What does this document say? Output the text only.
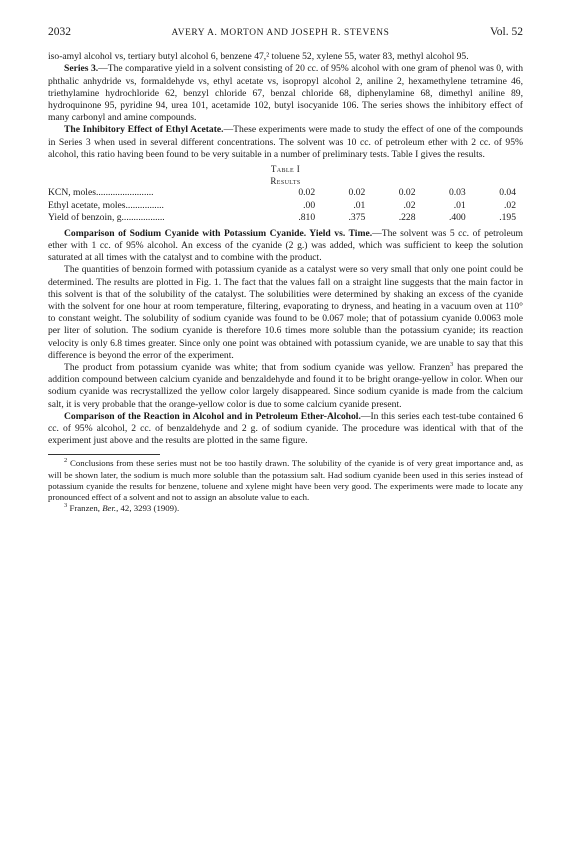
2032	AVERY A. MORTON AND JOSEPH R. STEVENS	Vol. 52

iso-amyl alcohol vs, tertiary butyl alcohol 6, benzene 47,² toluene 52, xylene 55, water 83, methyl alcohol 95.

Series 3.—The comparative yield in a solvent consisting of 20 cc. of 95% alcohol with one gram of phenol was 0, with phthalic anhydride vs, formaldehyde vs, ethyl acetate vs, isopropyl alcohol 2, aniline 2, hexamethylene tetramine 46, triethylamine hydrochloride 62, benzyl chloride 67, benzal chloride 68, diphenylamine 68, dimethyl aniline 89, hydroquinone 95, pyridine 94, urea 101, acetamide 102, butyl isocyanide 106. The series shows the inhibitory effect of many carbonyl and amine compounds.

The Inhibitory Effect of Ethyl Acetate.—These experiments were made to study the effect of one of the compounds in Series 3 when used in several different concentrations. The solvent was 10 cc. of petroleum ether with 2 cc. of 95% alcohol, this ratio having been found to be very suitable in a number of preliminary tests. Table I gives the results.

Table I
Results
KCN, moles........................	0.02	0.02	0.02	0.03	0.04
Ethyl acetate, moles................	.00	.01	.02	.01	.02
Yield of benzoin, g..................	.810	.375	.228	.400	.195

Comparison of Sodium Cyanide with Potassium Cyanide. Yield vs. Time.—The solvent was 5 cc. of petroleum ether with 1 cc. of 95% alcohol. An excess of the cyanide (2 g.) was added, which was sufficient to keep the solution saturated at all times with the catalyst and to combine with the product.

The quantities of benzoin formed with potassium cyanide as a catalyst were so very small that only one point could be determined. The results are plotted in Fig. 1. The fact that the values fall on a straight line suggests that the main factor in this solvent is that of the solubility of the catalyst. The solubilities were determined by shaking an excess of the cyanide with the solvent for one hour at room temperature, filtering, evaporating to dryness, and heating in a vacuum oven at 110° to constant weight. The solubility of sodium cyanide was found to be 0.067 mole; that of potassium cyanide 0.0063 mole per liter of solution. The sodium cyanide is therefore 10.6 times more soluble than the potassium cyanide; its reaction velocity is only 6.8 times greater. Since only one point was obtained with potassium cyanide, we are unable to say that this difference is beyond the error of the experiment.

The product from potassium cyanide was white; that from sodium cyanide was yellow. Franzen$^3$ has prepared the addition compound between calcium cyanide and benzaldehyde and found it to be bright orange-yellow in color. When our sodium cyanide was recrystallized the yellow color largely disappeared. Since sodium cyanide is made from the calcium salt, it is very probable that the orange-yellow color is due to some calcium cyanide present.

Comparison of the Reaction in Alcohol and in Petroleum Ether-Alcohol.—In this series each test-tube contained 6 cc. of 95% alcohol, 2 cc. of benzaldehyde and 2 g. of sodium cyanide. The procedure was identical with that of the experiment just above and the results are plotted in the same figure.

$^2$ Conclusions from these series must not be too hastily drawn. The solubility of the cyanide is of very great importance and, as will be shown later, the sodium is much more soluble than the potassium salt. Had sodium cyanide been used in this series instead of potassium cyanide the results for benzene, toluene and xylene might have been very good. The experiments were made to locate any pronounced effect of a solvent and not to assign an absolute value to each.

$^3$ Franzen, Ber., 42, 3293 (1909).
